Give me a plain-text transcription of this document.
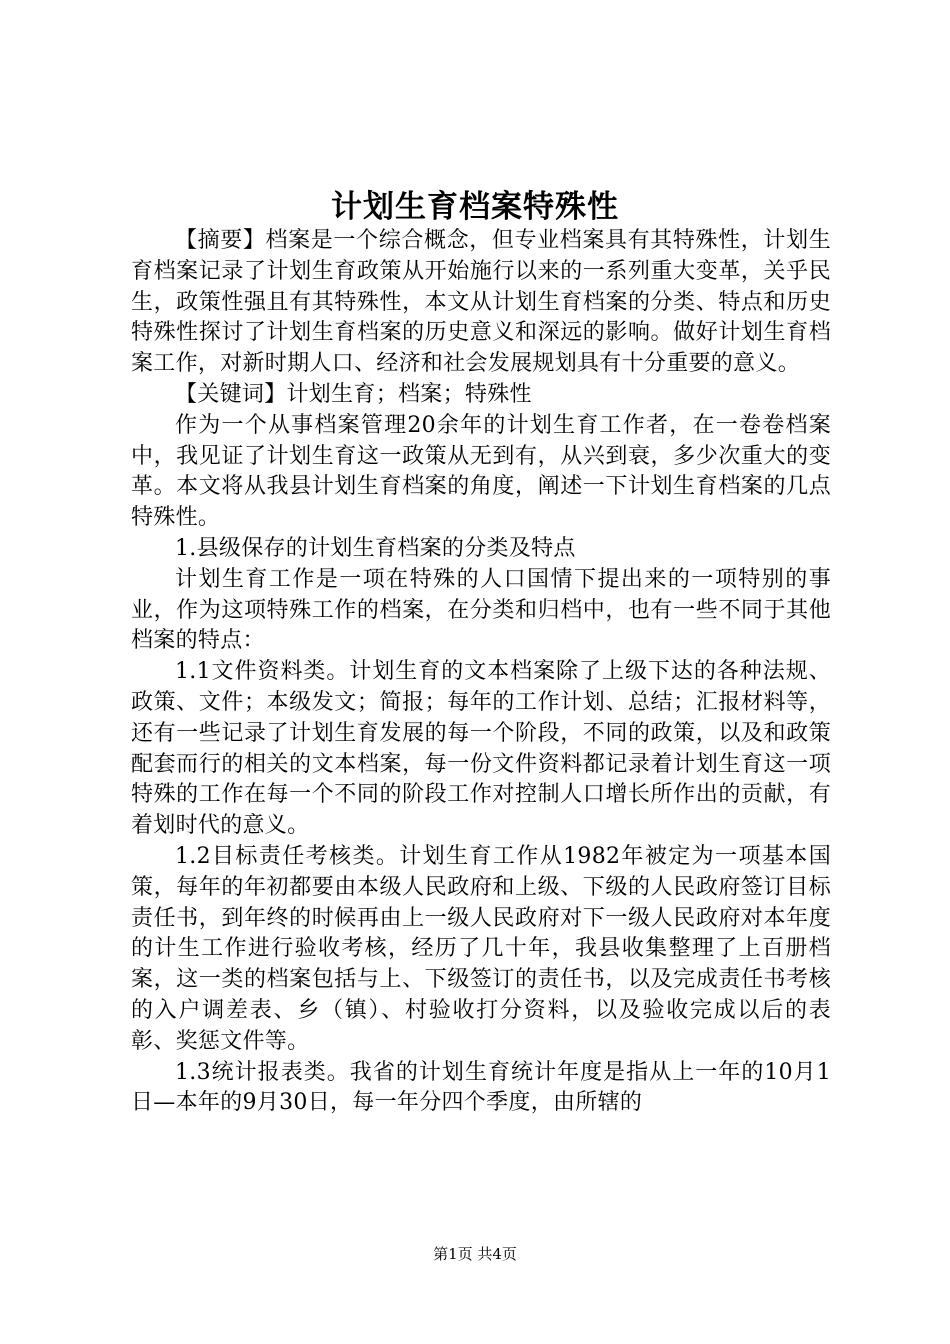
计划生育档案特殊性

【摘要】档案是一个综合概念，但专业档案具有其特殊性，计划生育档案记录了计划生育政策从开始施行以来的一系列重大变革，关乎民生，政策性强且有其特殊性，本文从计划生育档案的分类、特点和历史特殊性探讨了计划生育档案的历史意义和深远的影响。做好计划生育档案工作，对新时期人口、经济和社会发展规划具有十分重要的意义。

【关键词】计划生育；档案；特殊性

作为一个从事档案管理20余年的计划生育工作者，在一卷卷档案中，我见证了计划生育这一政策从无到有，从兴到衰，多少次重大的变革。本文将从我县计划生育档案的角度，阐述一下计划生育档案的几点特殊性。

1.县级保存的计划生育档案的分类及特点

计划生育工作是一项在特殊的人口国情下提出来的一项特别的事业，作为这项特殊工作的档案，在分类和归档中，也有一些不同于其他档案的特点：

1.1文件资料类。计划生育的文本档案除了上级下达的各种法规、政策、文件；本级发文；简报；每年的工作计划、总结；汇报材料等，还有一些记录了计划生育发展的每一个阶段，不同的政策，以及和政策配套而行的相关的文本档案，每一份文件资料都记录着计划生育这一项特殊的工作在每一个不同的阶段工作对控制人口增长所作出的贡献，有着划时代的意义。

1.2目标责任考核类。计划生育工作从1982年被定为一项基本国策，每年的年初都要由本级人民政府和上级、下级的人民政府签订目标责任书，到年终的时候再由上一级人民政府对下一级人民政府对本年度的计生工作进行验收考核，经历了几十年，我县收集整理了上百册档案，这一类的档案包括与上、下级签订的责任书，以及完成责任书考核的入户调差表、乡（镇）、村验收打分资料，以及验收完成以后的表彰、奖惩文件等。

1.3统计报表类。我省的计划生育统计年度是指从上一年的10月1日—本年的9月30日，每一年分四个季度，由所辖的

第1页 共4页
